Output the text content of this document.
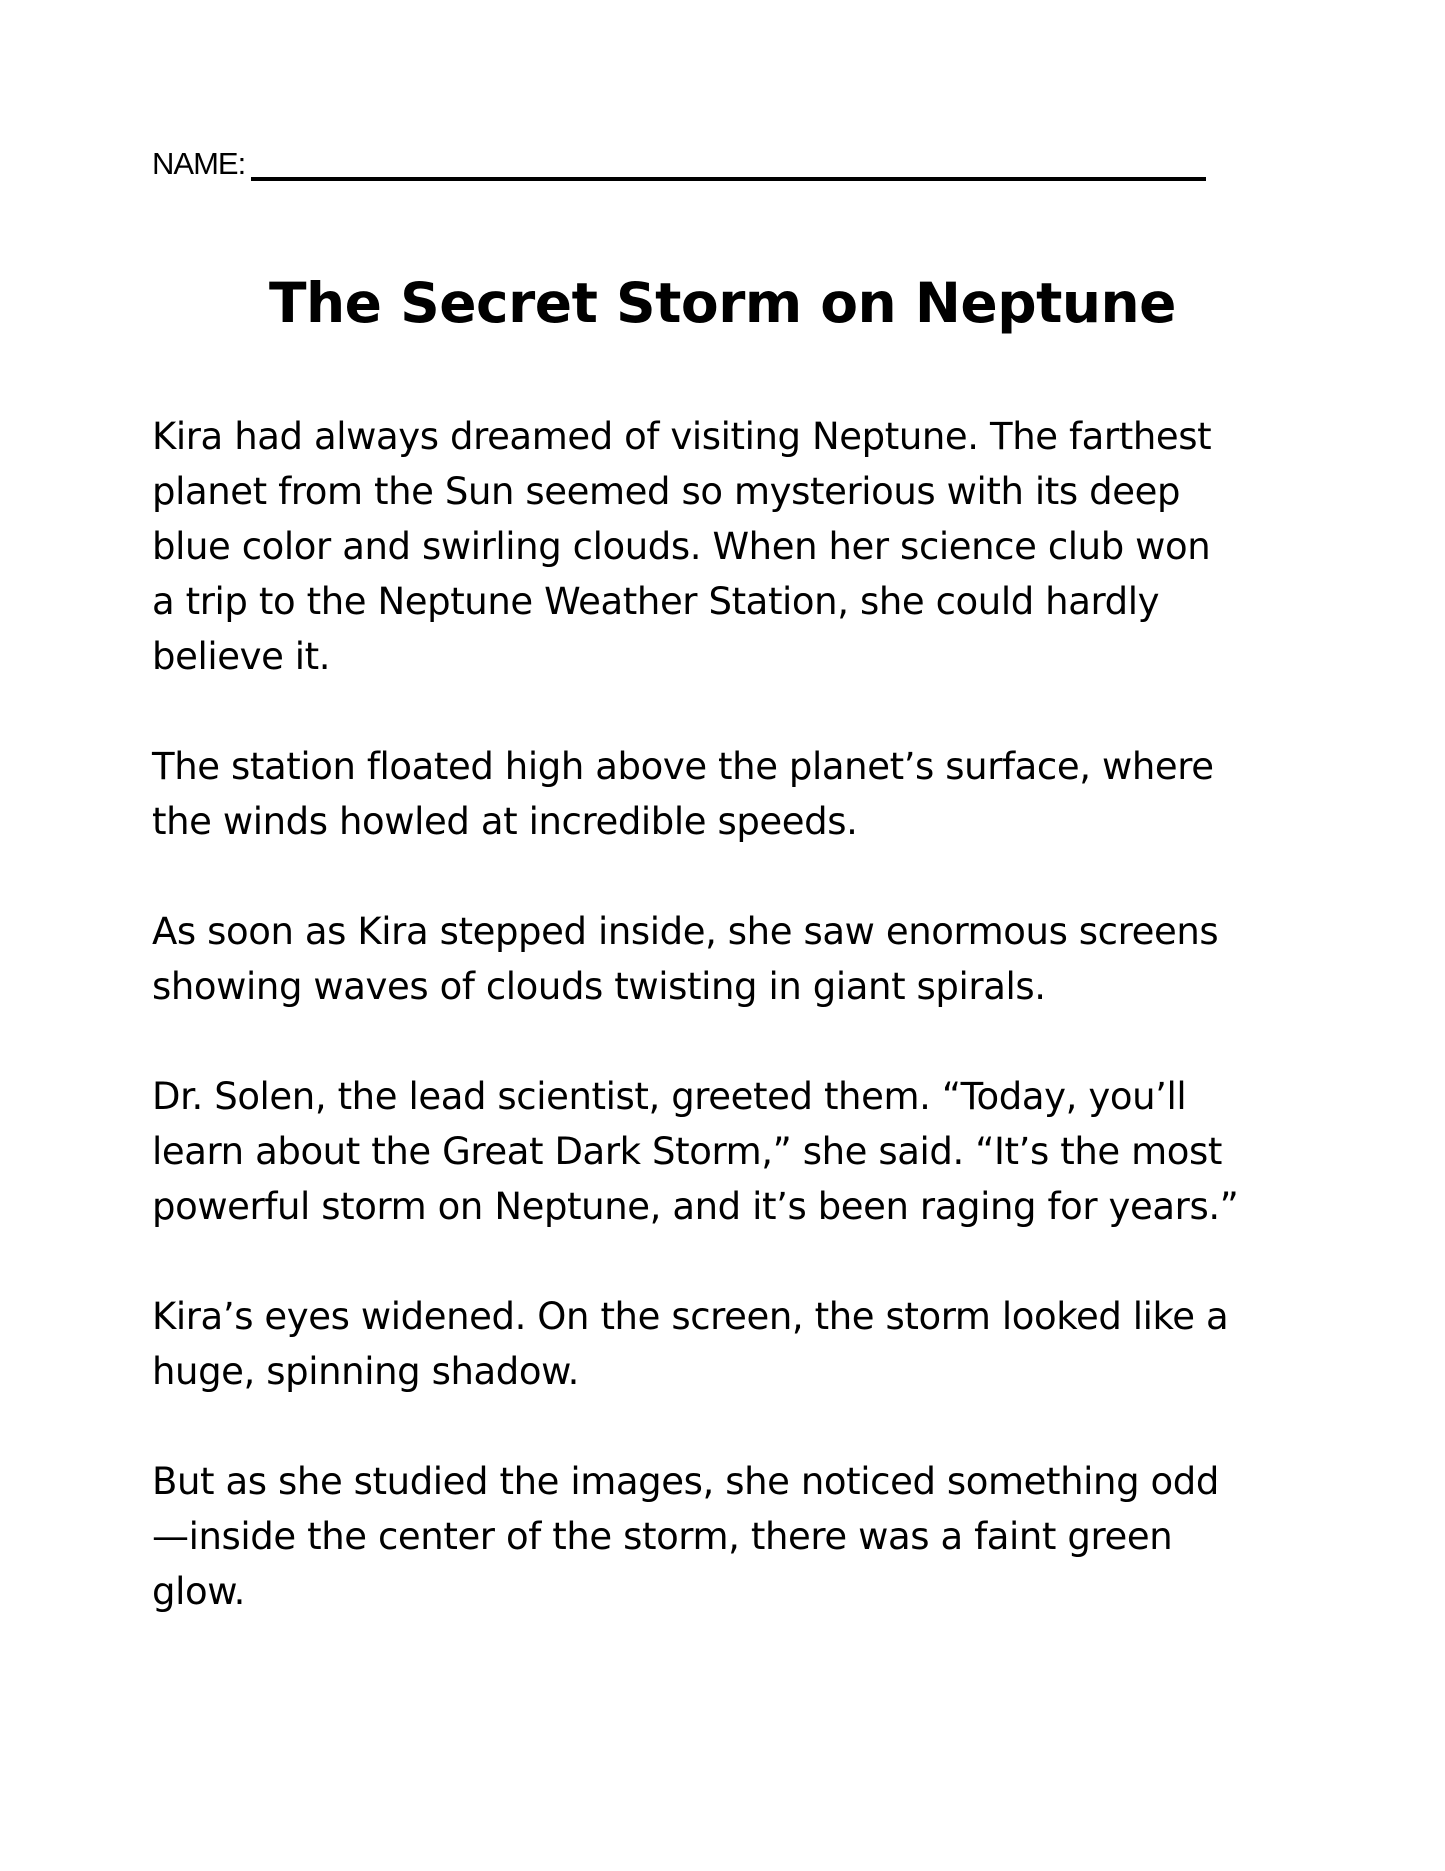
NAME:
The Secret Storm on Neptune

Kira had always dreamed of visiting Neptune. The farthest
planet from the Sun seemed so mysterious with its deep
blue color and swirling clouds. When her science club won
a trip to the Neptune Weather Station, she could hardly
believe it.

The station floated high above the planet’s surface, where
the winds howled at incredible speeds.

As soon as Kira stepped inside, she saw enormous screens
showing waves of clouds twisting in giant spirals.

Dr. Solen, the lead scientist, greeted them. “Today, you’ll
learn about the Great Dark Storm,” she said. “It’s the most
powerful storm on Neptune, and it’s been raging for years.”

Kira’s eyes widened. On the screen, the storm looked like a
huge, spinning shadow.

But as she studied the images, she noticed something odd
—inside the center of the storm, there was a faint green
glow.
